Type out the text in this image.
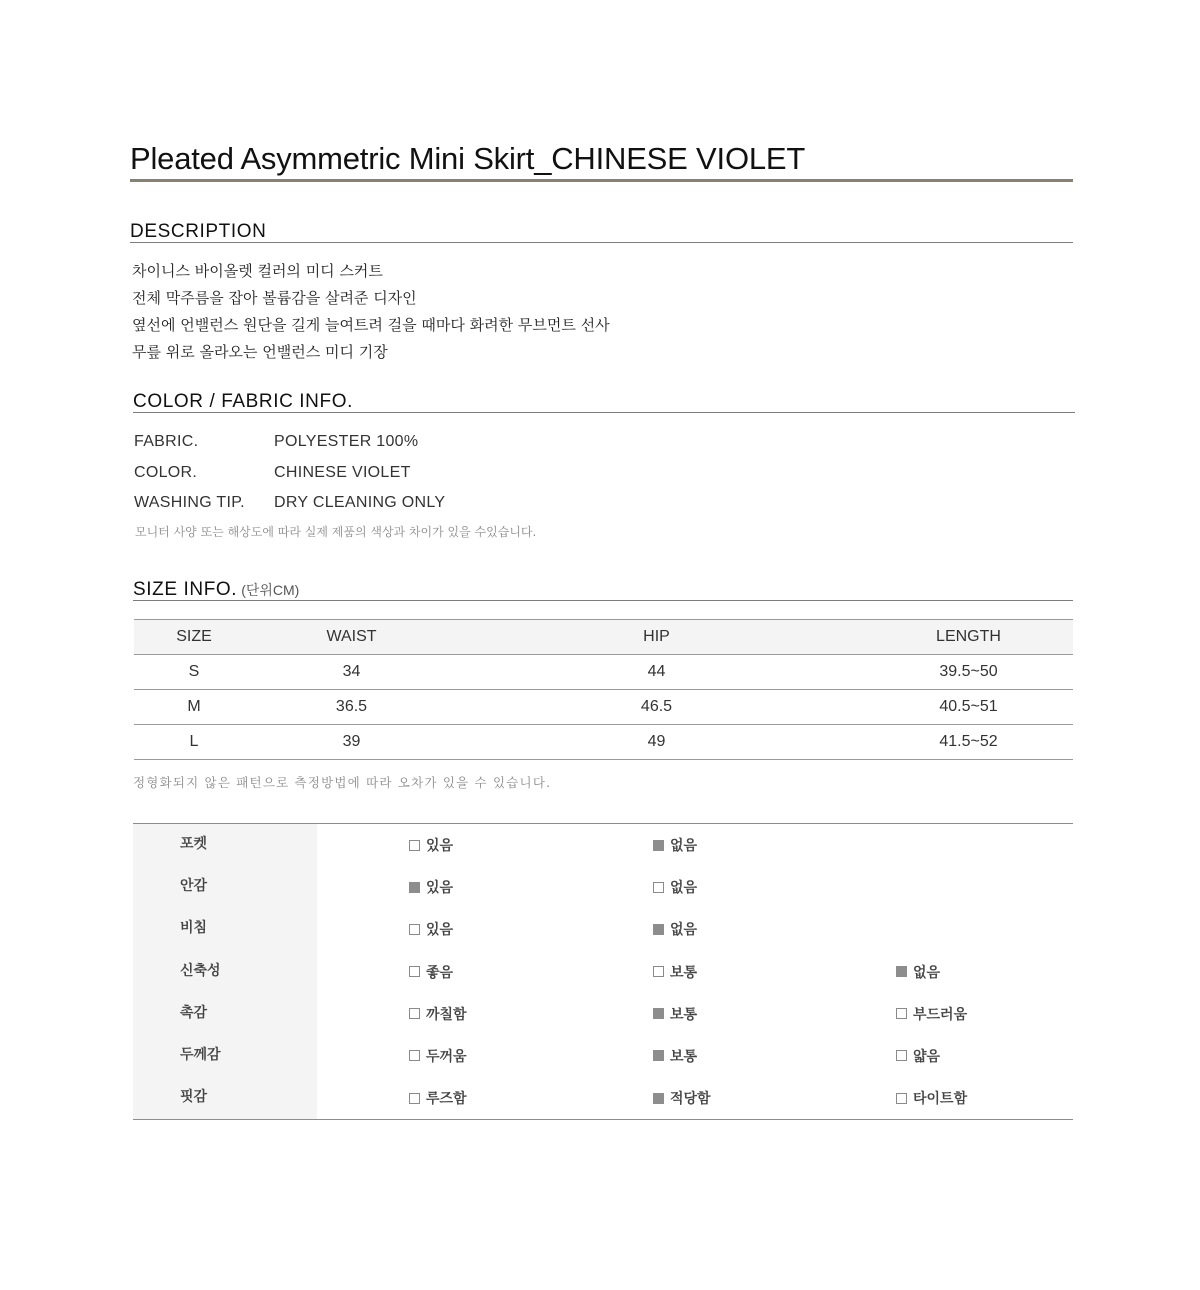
Pleated Asymmetric Mini Skirt_CHINESE VIOLET
DESCRIPTION
차이니스 바이올렛 컬러의 미디 스커트
전체 막주름을 잡아 볼륨감을 살려준 디자인
옆선에 언밸런스 원단을 길게 늘여트려 걸을 때마다 화려한 무브먼트 선사
무릎 위로 올라오는 언밸런스 미디 기장
COLOR / FABRIC INFO.
FABRIC.	POLYESTER 100%
COLOR.	CHINESE VIOLET
WASHING TIP. DRY CLEANING ONLY
모니터 사양 또는 해상도에 따라 실제 제품의 색상과 차이가 있을 수있습니다.
SIZE INFO. (단위CM)
SIZE	WAIST	HIP	LENGTH
S	34	44	39.5~50
M	36.5	46.5	40.5~51
L	39	49	41.5~52
정형화되지 않은 패턴으로 측정방법에 따라 오차가 있을 수 있습니다.
포켓	있음	없음
안감	있음	없음
비침	있음	없음
신축성	좋음	보통	없음
촉감	까칠함	보통	부드러움
두께감	두꺼움	보통	얇음
핏감	루즈함	적당함	타이트함
